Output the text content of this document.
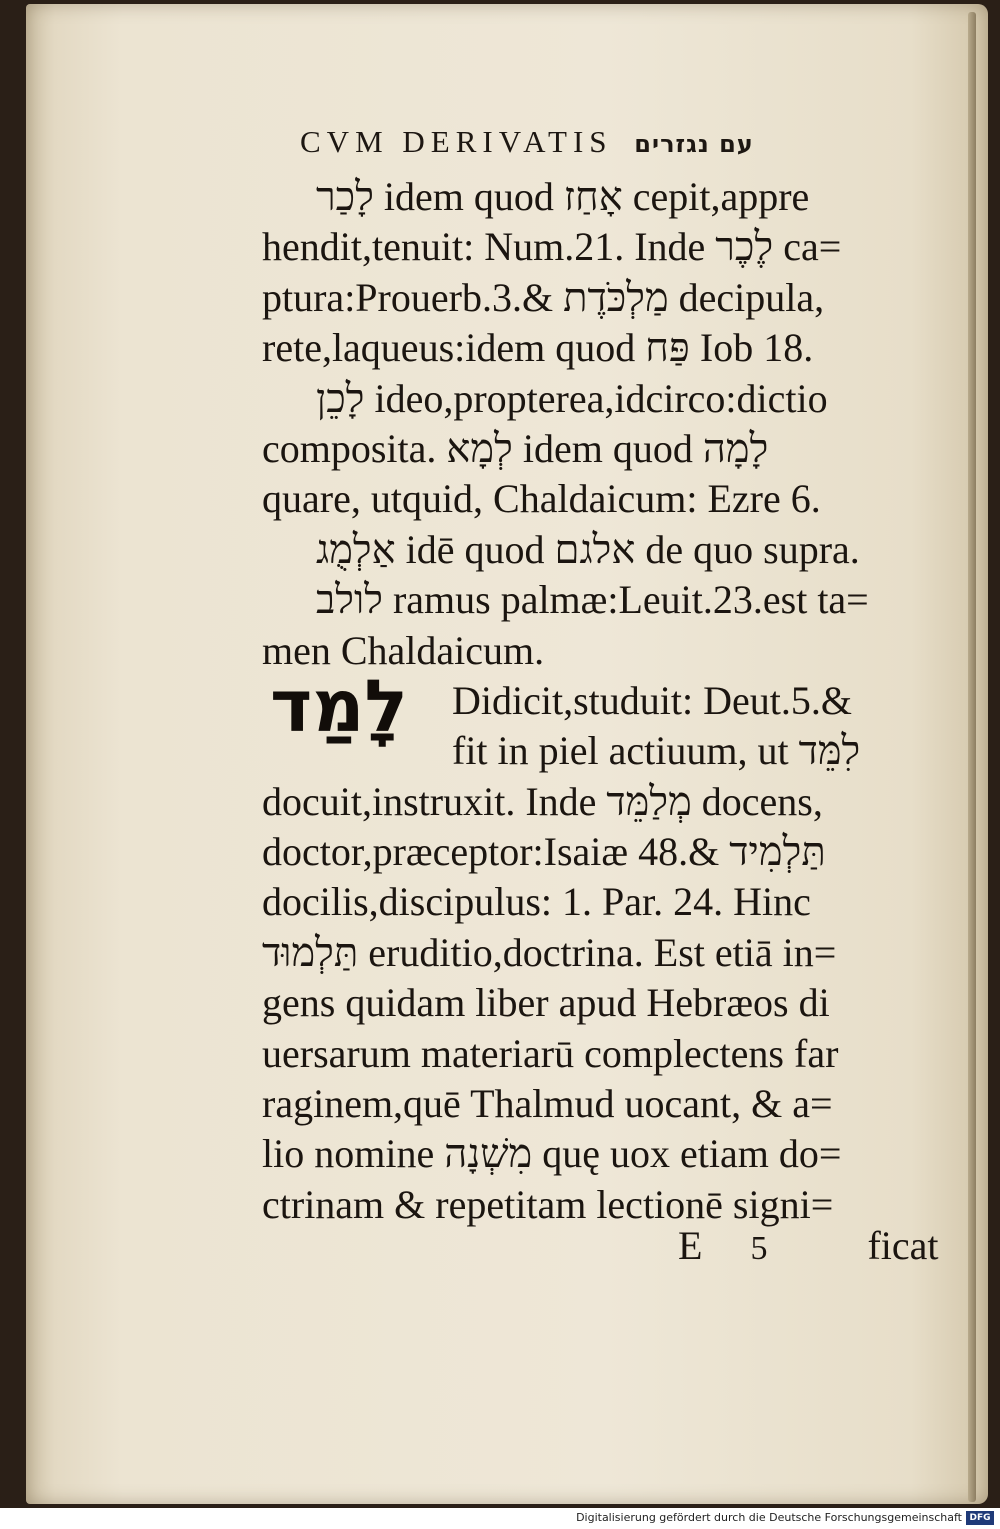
CVM DERIVATIS עם נגזרים
לָכַר idem quod אָחַז cepit,appre
hendit,tenuit: Num.21. Inde לֶכֶר ca=
ptura:Prouerb.3.& מַלְכֹּדֶת decipula,
rete,laqueus:idem quod פַּח Iob 18.
לָכֵן ideo,propterea,idcirco:dictio
composita. לְמָא idem quod לָמָה
quare, utquid, Chaldaicum: Ezre 6.
אַלְמֻג idē quod אלגם de quo supra.
לולב ramus palmæ:Leuit.23.est ta=
men Chaldaicum.
Didicit,studuit: Deut.5.&
fit in piel actiuum, ut לִמֵּד
docuit,instruxit. Inde מְלַמֵּד docens,
doctor,præceptor:Isaiæ 48.& תַּלְמִיד
docilis,discipulus: 1. Par. 24. Hinc
תַּלְמוּד eruditio,doctrina. Est etiā in=
gens quidam liber apud Hebræos di
uersarum materiarū complectens far
raginem,quē Thalmud uocant, & a=
lio nomine מִשְׁנָה quę uox etiam do=
ctrinam & repetitam lectionē signi=
לָמַד
E 5	ficat
Digitalisierung gefördert durch die Deutsche Forschungsgemeinschaft DFG
